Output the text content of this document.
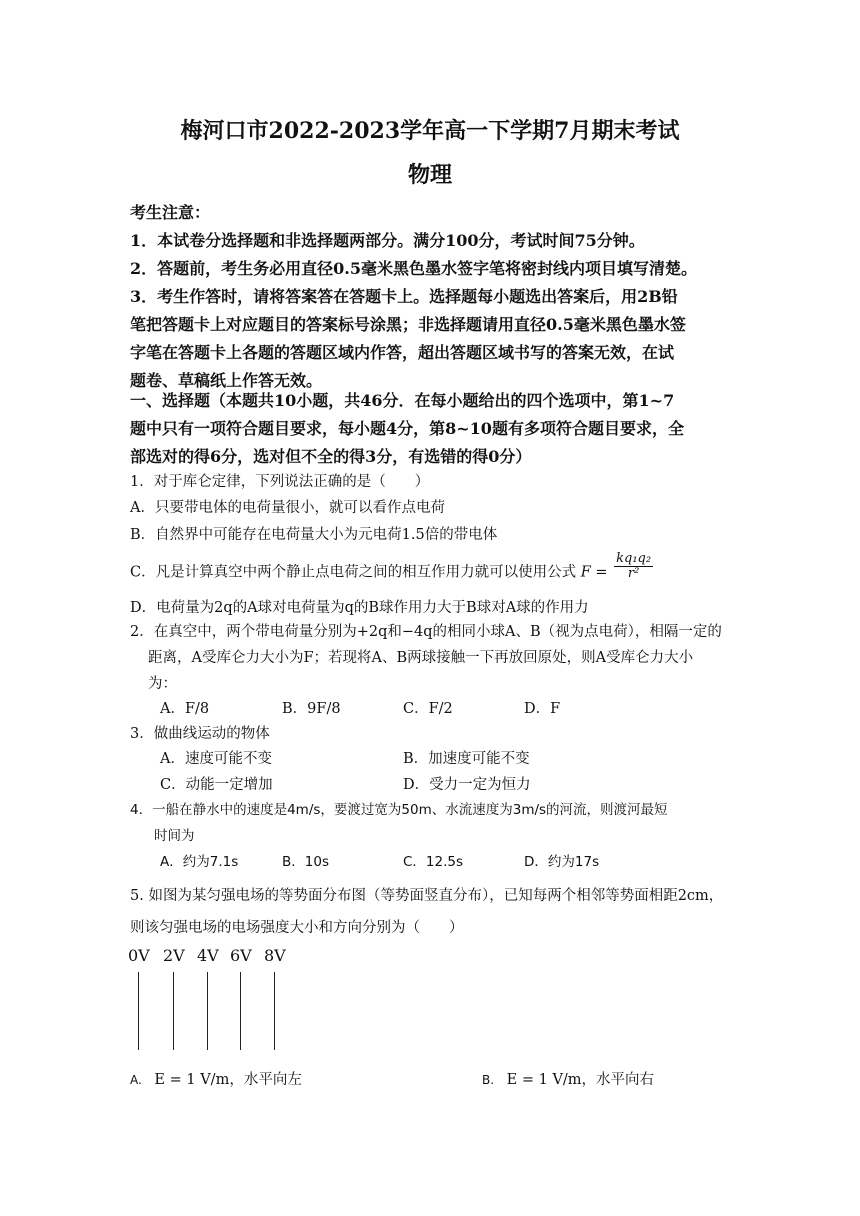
梅河口市2022-2023学年高一下学期7月期末考试
物理
考生注意：
1．本试卷分选择题和非选择题两部分。满分100分，考试时间75分钟。
2．答题前，考生务必用直径0.5毫米黑色墨水签字笔将密封线内项目填写清楚。
3．考生作答时，请将答案答在答题卡上。选择题每小题选出答案后，用2B铅
笔把答题卡上对应题目的答案标号涂黑；非选择题请用直径0.5毫米黑色墨水签
字笔在答题卡上各题的答题区域内作答，超出答题区域书写的答案无效，在试
题卷、草稿纸上作答无效。
一、选择题（本题共10小题，共46分．在每小题给出的四个选项中，第1~7
题中只有一项符合题目要求，每小题4分，第8~10题有多项符合题目要求，全
部选对的得6分，选对但不全的得3分，有选错的得0分）
1．对于库仑定律，下列说法正确的是（　　）
A．只要带电体的电荷量很小，就可以看作点电荷
B．自然界中可能存在电荷量大小为元电荷1.5倍的带电体
C．凡是计算真空中两个静止点电荷之间的相互作用力就可以使用公式 $F = \frac{\text{kq₁q₂}}{\text{r²}}$
D．电荷量为2q的A球对电荷量为q的B球作用力大于B球对A球的作用力
2．在真空中，两个带电荷量分别为+2q和−4q的相同小球A、B（视为点电荷），相隔一定的
距离，A受库仑力大小为F；若现将A、B两球接触一下再放回原处，则A受库仑力大小
为：
A．F/8	B．9F/8	C．F/2	D．F
3．做曲线运动的物体
A．速度可能不变	B．加速度可能不变
C．动能一定增加	D．受力一定为恒力
4．一船在静水中的速度是4m/s，要渡过宽为50m、水流速度为3m/s的河流，则渡河最短
时间为
A．约为7.1s	B．10s	C．12.5s	D．约为17s
5. 如图为某匀强电场的等势面分布图（等势面竖直分布），已知每两个相邻等势面相距2cm，
则该匀强电场的电场强度大小和方向分别为（　　）
0V 2V 4V 6V 8V
A. E = 1 V/m，水平向左	B. E = 1 V/m，水平向右
